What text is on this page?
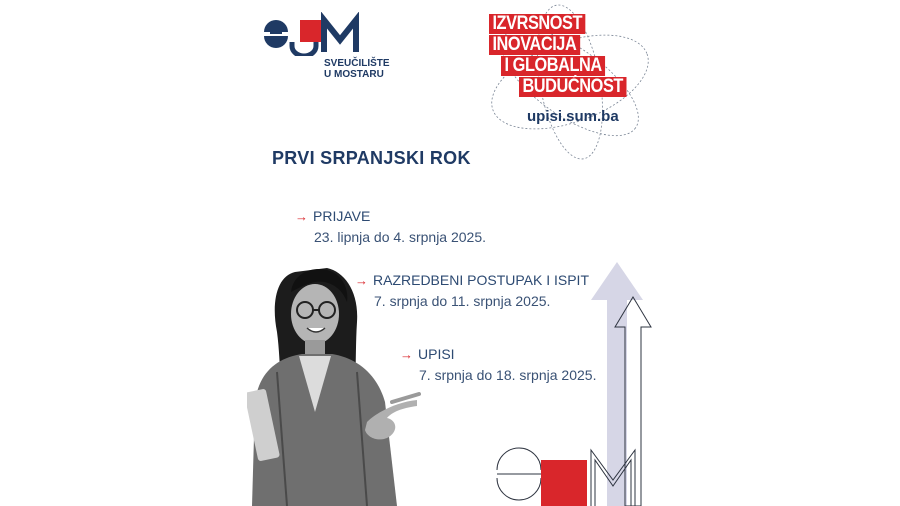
SVEUČILIŠTE
U MOSTARU
IZVRSNOST
INOVACIJA
I GLOBALNA
BUDUĆNOST
upisi.sum.ba
PRVI SRPANJSKI ROK
→ PRIJAVE
23. lipnja do 4. srpnja 2025.
→ RAZREDBENI POSTUPAK I ISPIT
7. srpnja do 11. srpnja 2025.
→ UPISI
7. srpnja do 18. srpnja 2025.
